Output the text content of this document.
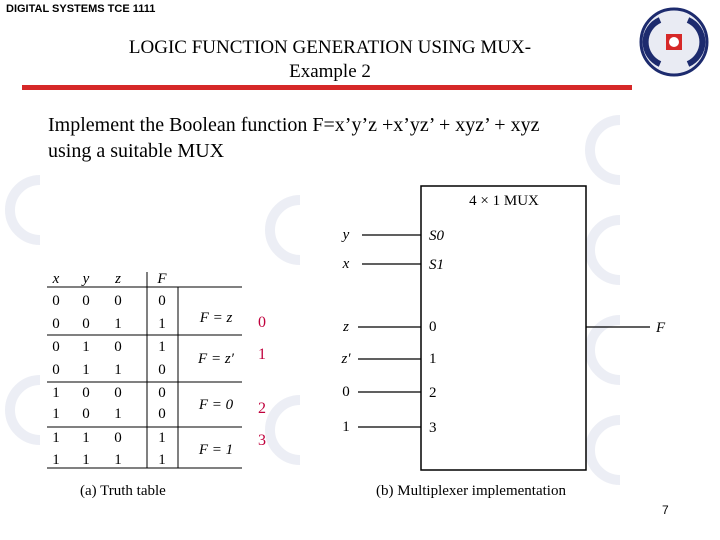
DIGITAL SYSTEMS TCE 1111
LOGIC FUNCTION GENERATION USING MUX-
Example 2
Implement the Boolean function F=x’y’z +x’yz’ + xyz’ + xyz
using a suitable MUX
x y z F
0 0 0 0
0 0 1 1
0 1 0 1
0 1 1 0
1 0 0 0
1 0 1 0
1 1 0 1
1 1 1 1
F = z
F = z′
F = 0
F = 1
0
1
2
3
(a) Truth table
4 × 1 MUX
y
x
S0
S1
z
z′
0
1
0
1
2
3
F
(b) Multiplexer implementation
7
